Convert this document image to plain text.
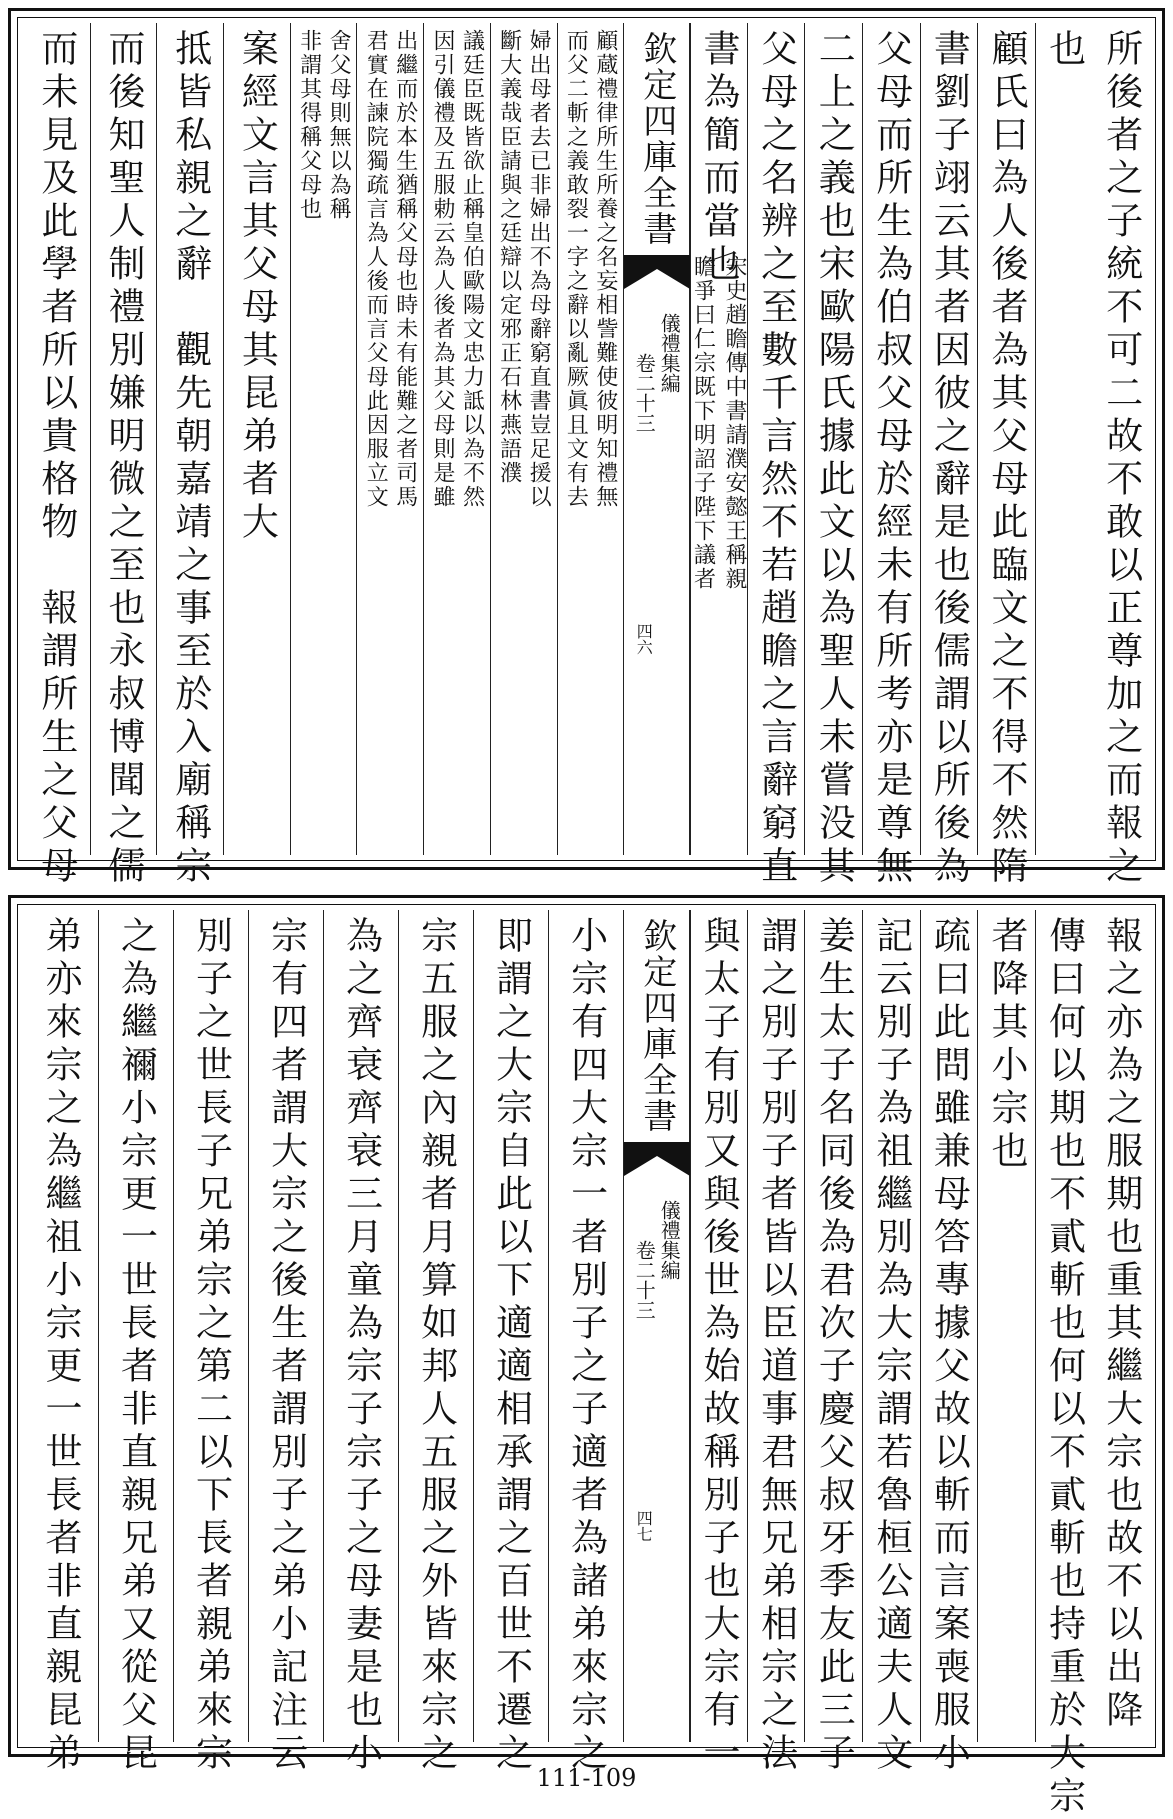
所後者之子統不可二故不敢以正尊加之而報之
也
顧氏曰為人後者為其父母此臨文之不得不然隋
書劉子翊云其者因彼之辭是也後儒謂以所後為
父母而所生為伯叔父母於經未有所考亦是尊無
二上之義也宋歐陽氏據此文以為聖人未嘗没其
父母之名辨之至數千言然不若趙瞻之言辭窮直
書為簡而當也
宋史趙瞻傳中書請濮安懿王稱親
瞻爭曰仁宗既下明詔子陛下議者
欽定四庫全書
儀禮集編
卷二十三
四六
顧蔵禮律所生所養之名妄相訾難使彼明知禮無
而父二斬之義敢裂一字之辭以亂厥眞且文有去
婦出母者去已非婦出不為母辭窮直書豈足援以
斷大義哉臣請與之廷辯以定邪正石林燕語濮
議廷臣既皆欲止稱皇伯歐陽文忠力詆以為不然
因引儀禮及五服勅云為人後者為其父母則是雖
出繼而於本生猶稱父母也時未有能難之者司馬
君實在諫院獨疏言為人後而言父母此因服立文
舍父母則無以為稱
非謂其得稱父母也
案經文言其父母其昆弟者大
抵皆私親之辭　觀先朝嘉靖之事至於入廟稱宗
而後知聖人制禮別嫌明微之至也永叔博聞之儒
而未見及此學者所以貴格物　報謂所生之父母
報之亦為之服期也重其繼大宗也故不以出降
傳曰何以期也不貳斬也何以不貳斬也持重於大宗
者降其小宗也
疏曰此問雖兼母答專據父故以斬而言案喪服小
記云別子為祖繼別為大宗謂若魯桓公適夫人文
姜生太子名同後為君次子慶父叔牙季友此三子
謂之別子別子者皆以臣道事君無兄弟相宗之法
與太子有別又與後世為始故稱別子也大宗有一
欽定四庫全書
儀禮集編
卷二十三
四七
小宗有四大宗一者別子之子適者為諸弟來宗之
即謂之大宗自此以下適適相承謂之百世不遷之
宗五服之內親者月算如邦人五服之外皆來宗之
為之齊衰齊衰三月童為宗子宗子之母妻是也小
宗有四者謂大宗之後生者謂別子之弟小記注云
別子之世長子兄弟宗之第二以下長者親弟來宗
之為繼禰小宗更一世長者非直親兄弟又從父昆
弟亦來宗之為繼祖小宗更一世長者非直親昆弟
111-109
